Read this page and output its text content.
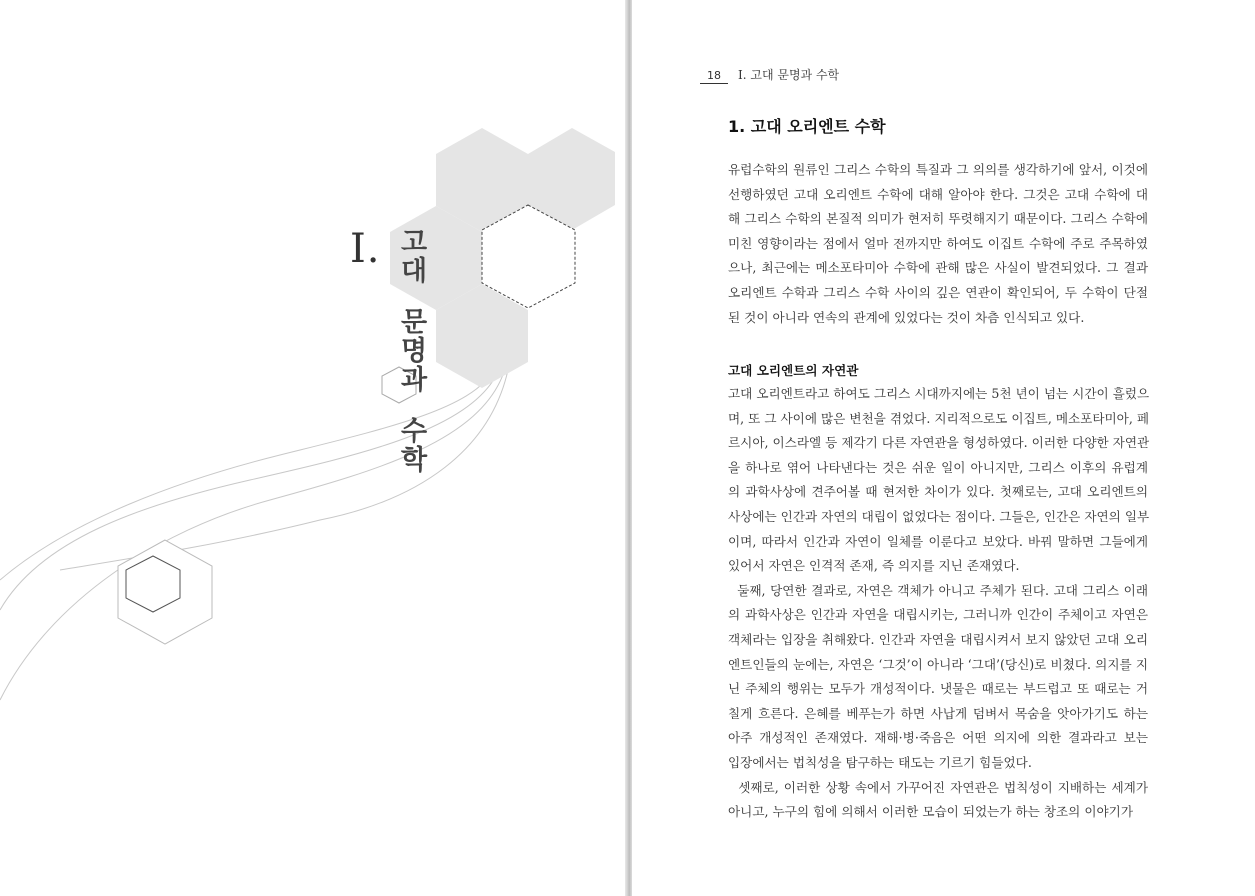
I. 고
대
문
명
과
수
학
18	I. 고대 문명과 수학
1. 고대 오리엔트 수학
유럽수학의 원류인 그리스 수학의 특질과 그 의의를 생각하기에 앞서, 이것에
선행하였던 고대 오리엔트 수학에 대해 알아야 한다. 그것은 고대 수학에 대
해 그리스 수학의 본질적 의미가 현저히 뚜렷해지기 때문이다. 그리스 수학에
미친 영향이라는 점에서 얼마 전까지만 하여도 이집트 수학에 주로 주목하였
으나, 최근에는 메소포타미아 수학에 관해 많은 사실이 발견되었다. 그 결과
오리엔트 수학과 그리스 수학 사이의 깊은 연관이 확인되어, 두 수학이 단절
된 것이 아니라 연속의 관계에 있었다는 것이 차츰 인식되고 있다.
고대 오리엔트의 자연관
고대 오리엔트라고 하여도 그리스 시대까지에는 5천 년이 넘는 시간이 흘렀으
며, 또 그 사이에 많은 변천을 겪었다. 지리적으로도 이집트, 메소포타미아, 페
르시아, 이스라엘 등 제각기 다른 자연관을 형성하였다. 이러한 다양한 자연관
을 하나로 엮어 나타낸다는 것은 쉬운 일이 아니지만, 그리스 이후의 유럽계
의 과학사상에 견주어볼 때 현저한 차이가 있다. 첫째로는, 고대 오리엔트의
사상에는 인간과 자연의 대립이 없었다는 점이다. 그들은, 인간은 자연의 일부
이며, 따라서 인간과 자연이 일체를 이룬다고 보았다. 바꿔 말하면 그들에게
있어서 자연은 인격적 존재, 즉 의지를 지닌 존재였다.
둘째, 당연한 결과로, 자연은 객체가 아니고 주체가 된다. 고대 그리스 이래
의 과학사상은 인간과 자연을 대립시키는, 그러니까 인간이 주체이고 자연은
객체라는 입장을 취해왔다. 인간과 자연을 대립시켜서 보지 않았던 고대 오리
엔트인들의 눈에는, 자연은 ‘그것’이 아니라 ‘그대’(당신)로 비쳤다. 의지를 지
닌 주체의 행위는 모두가 개성적이다. 냇물은 때로는 부드럽고 또 때로는 거
칠게 흐른다. 은혜를 베푸는가 하면 사납게 덤벼서 목숨을 앗아가기도 하는
아주 개성적인 존재였다. 재해·병·죽음은 어떤 의지에 의한 결과라고 보는
입장에서는 법칙성을 탐구하는 태도는 기르기 힘들었다.
셋째로, 이러한 상황 속에서 가꾸어진 자연관은 법칙성이 지배하는 세계가
아니고, 누구의 힘에 의해서 이러한 모습이 되었는가 하는 창조의 이야기가
